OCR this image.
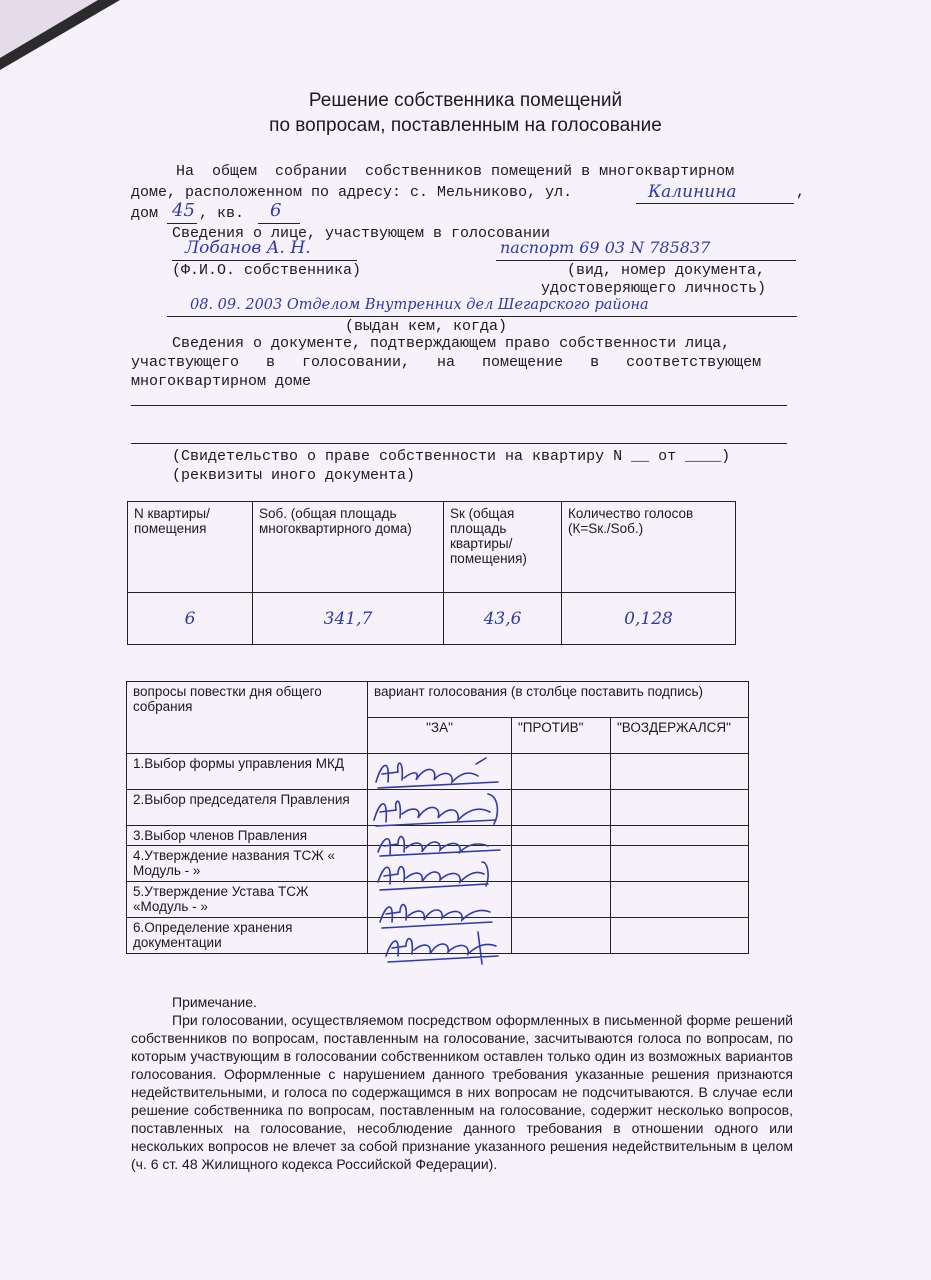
Решение собственника помещений
по вопросам, поставленным на голосование
На  общем  собрании  собственников помещений в многоквартирном
доме, расположенном по адресу: с. Мельниково, ул.	Калинина	,
дом 45 , кв. 6
Сведения о лице, участвующем в голосовании
Лобанов А. Н.	паспорт 69 03 N 785837
(Ф.И.О. собственника)	(вид, номер документа,
удостоверяющего личность)
08. 09. 2003 Отделом Внутренних дел Шегарского района
(выдан кем, когда)
Сведения о документе, подтверждающем право собственности лица,
участвующего   в   голосовании,   на   помещение   в   соответствующем
многоквартирном доме
(Свидетельство о праве собственности на квартиру N __ от ____)
(реквизиты иного документа)
N квартиры/ помещения	Sоб. (общая площадь многоквартирного дома)	Sк (общая площадь квартиры/ помещения)	Количество голосов (К=Sк./Sоб.)
6	341,7	43,6	0,128
вопросы повестки дня общего собрания	вариант голосования (в столбце поставить подпись)		
	"ЗА"	"ПРОТИВ"	"ВОЗДЕРЖАЛСЯ"
1.Выбор формы управления МКД			
2.Выбор председателя Правления			
3.Выбор членов Правления			
4.Утверждение названия ТСЖ « Модуль - »			
5.Утверждение Устава ТСЖ «Модуль - »			
6.Определение хранения документации			
Примечание.
При голосовании, осуществляемом посредством оформленных в письменной форме решений собственников по вопросам, поставленным на голосование, засчитываются голоса по вопросам, по которым участвующим в голосовании собственником оставлен только один из возможных вариантов голосования. Оформленные с нарушением данного требования указанные решения признаются недействительными, и голоса по содержащимся в них вопросам не подсчитываются. В случае если решение собственника по вопросам, поставленным на голосование, содержит несколько вопросов, поставленных на голосование, несоблюдение данного требования в отношении одного или нескольких вопросов не влечет за собой признание указанного решения недействительным в целом (ч. 6 ст. 48 Жилищного кодекса Российской Федерации).
